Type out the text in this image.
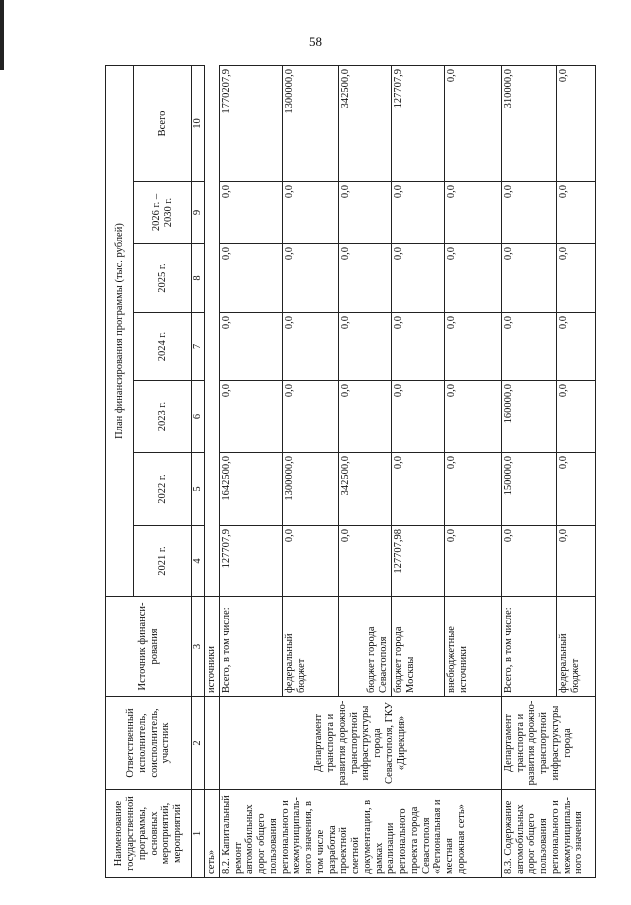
58
Наименование государственной программы, основных мероприятий, мероприятий	Ответственный исполнитель, соисполнитель, участник	Источник финанси-рования	План финансирования программы (тыс. рублей)						
			2021 г.	2022 г.	2023 г.	2024 г.	2025 г.	2026 г. – 2030 г.	Всего
1	2	3	4	5	6	7	8	9	10
сеть»		источники							
8.2. Капитальный ремонт автомобильных дорог общего пользования регионального и межмуниципаль-ного значения, в том числе разработка проектной сметной документации, в рамках реализации регионального проекта города Севастополя «Региональная и местная дорожная сеть»	Департамент транспорта и развития дорожно-транспортной инфраструктуры города Севастополя, ГКУ «Дирекция»	Всего, в том числе:	127707,9	1642500,0	0,0	0,0	0,0	0,0	1770207,9
		федеральный бюджет	0,0	1300000,0	0,0	0,0	0,0	0,0	1300000,0
		бюджет города Севастополя	0,0	342500,0	0,0	0,0	0,0	0,0	342500,0
		бюджет города Москвы	127707,98	0,0	0,0	0,0	0,0	0,0	127707,9
		внебюджетные источники	0,0	0,0	0,0	0,0	0,0	0,0	0,0
8.3. Содержание автомобильных дорог общего пользования регионального и межмуниципаль-ного значения	Департамент транспорта и развития дорожно-транспортной инфраструктуры города	Всего, в том числе:	0,0	150000,0	160000,0	0,0	0,0	0,0	310000,0
		федеральный бюджет	0,0	0,0	0,0	0,0	0,0	0,0	0,0
